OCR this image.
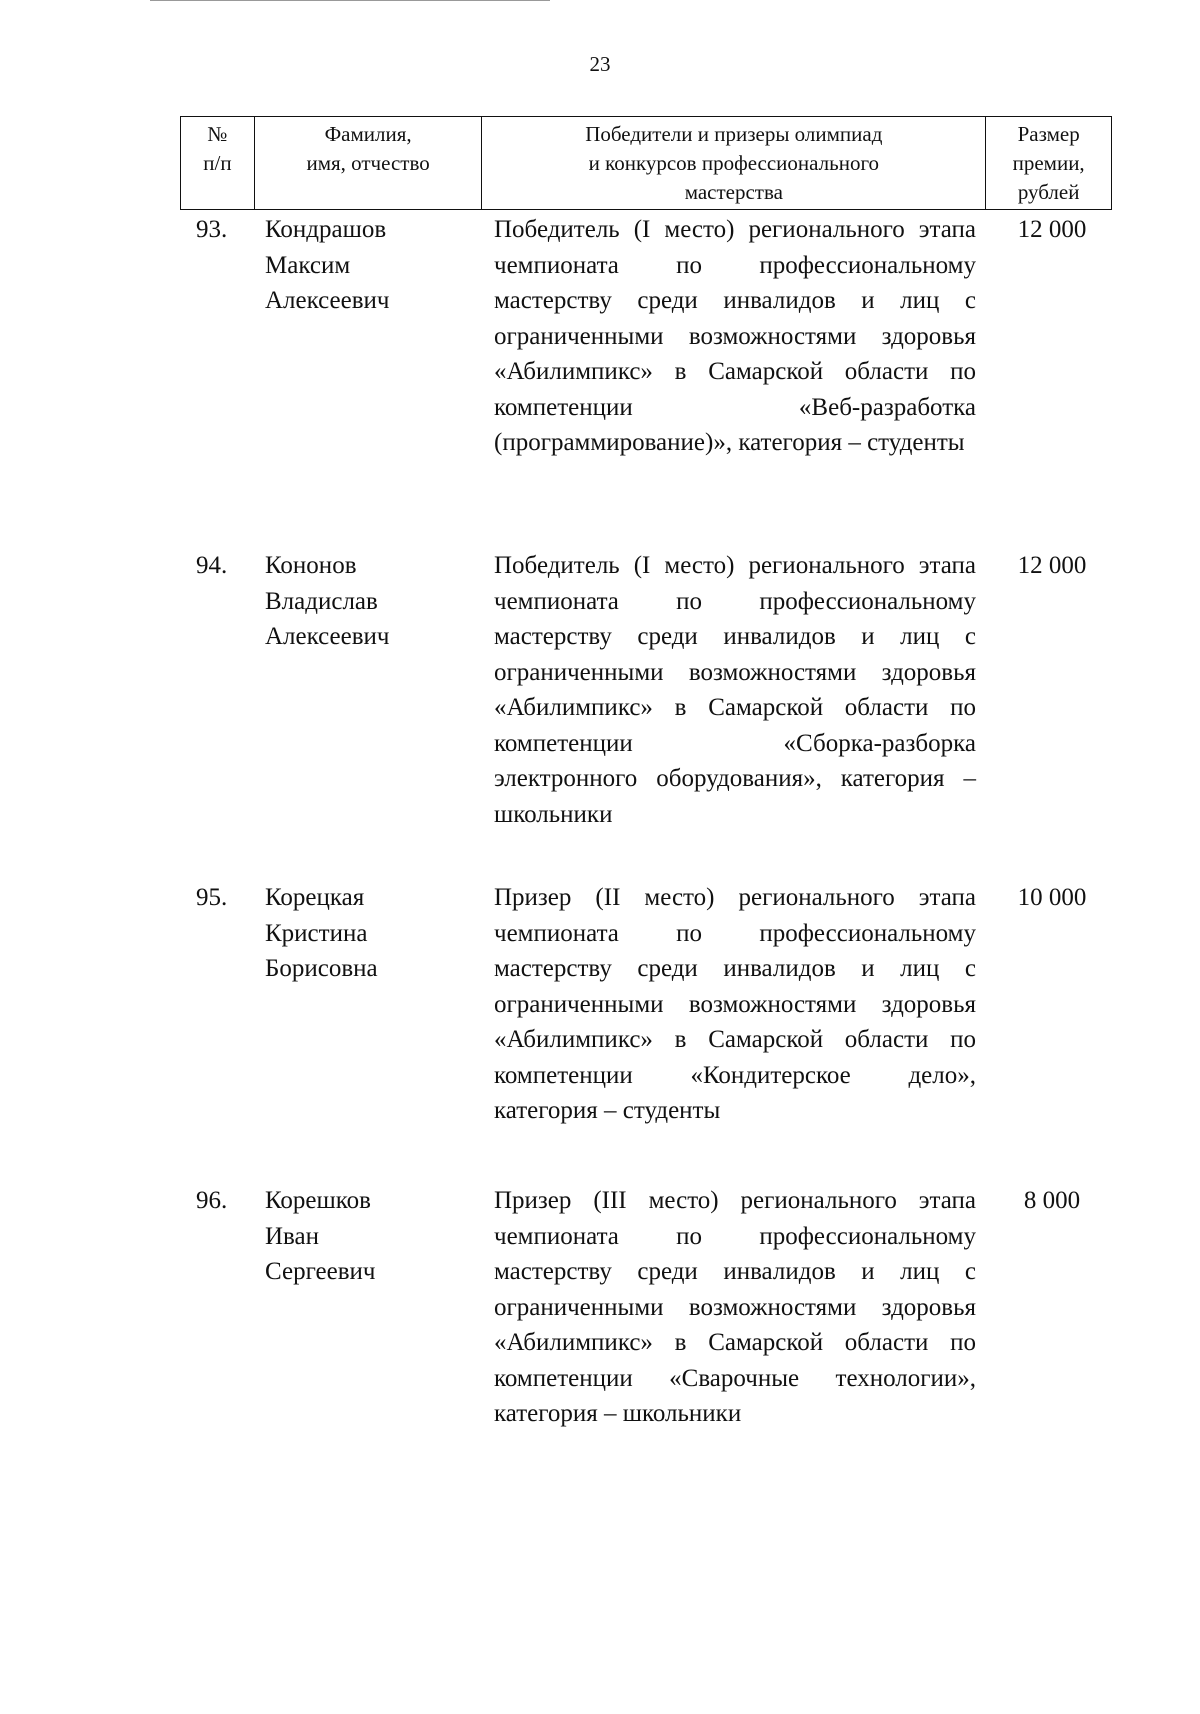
23
№
п/п
Фамилия,
имя, отчество
Победители и призеры олимпиад
и конкурсов профессионального
мастерства
Размер
премии,
рублей
93. Кондрашов
Максим
Алексеевич
Победитель (I место) регионального этапа чемпионата по профессиональному мастерству среди инвалидов и лиц с ограниченными возможностями здоровья «Абилимпикс» в Самарской области по компетенции «Веб-разработка (программирование)», категория – студенты
12 000
94. Кононов
Владислав
Алексеевич
Победитель (I место) регионального этапа чемпионата по профессиональному мастерству среди инвалидов и лиц с ограниченными возможностями здоровья «Абилимпикс» в Самарской области по компетенции «Сборка-разборка электронного оборудования», категория – школьники
12 000
95. Корецкая
Кристина
Борисовна
Призер (II место) регионального этапа чемпионата по профессиональному мастерству среди инвалидов и лиц с ограниченными возможностями здоровья «Абилимпикс» в Самарской области по компетенции «Кондитерское дело», категория – студенты
10 000
96. Корешков
Иван
Сергеевич
Призер (III место) регионального этапа чемпионата по профессиональному мастерству среди инвалидов и лиц с ограниченными возможностями здоровья «Абилимпикс» в Самарской области по компетенции «Сварочные технологии», категория – школьники
8 000
